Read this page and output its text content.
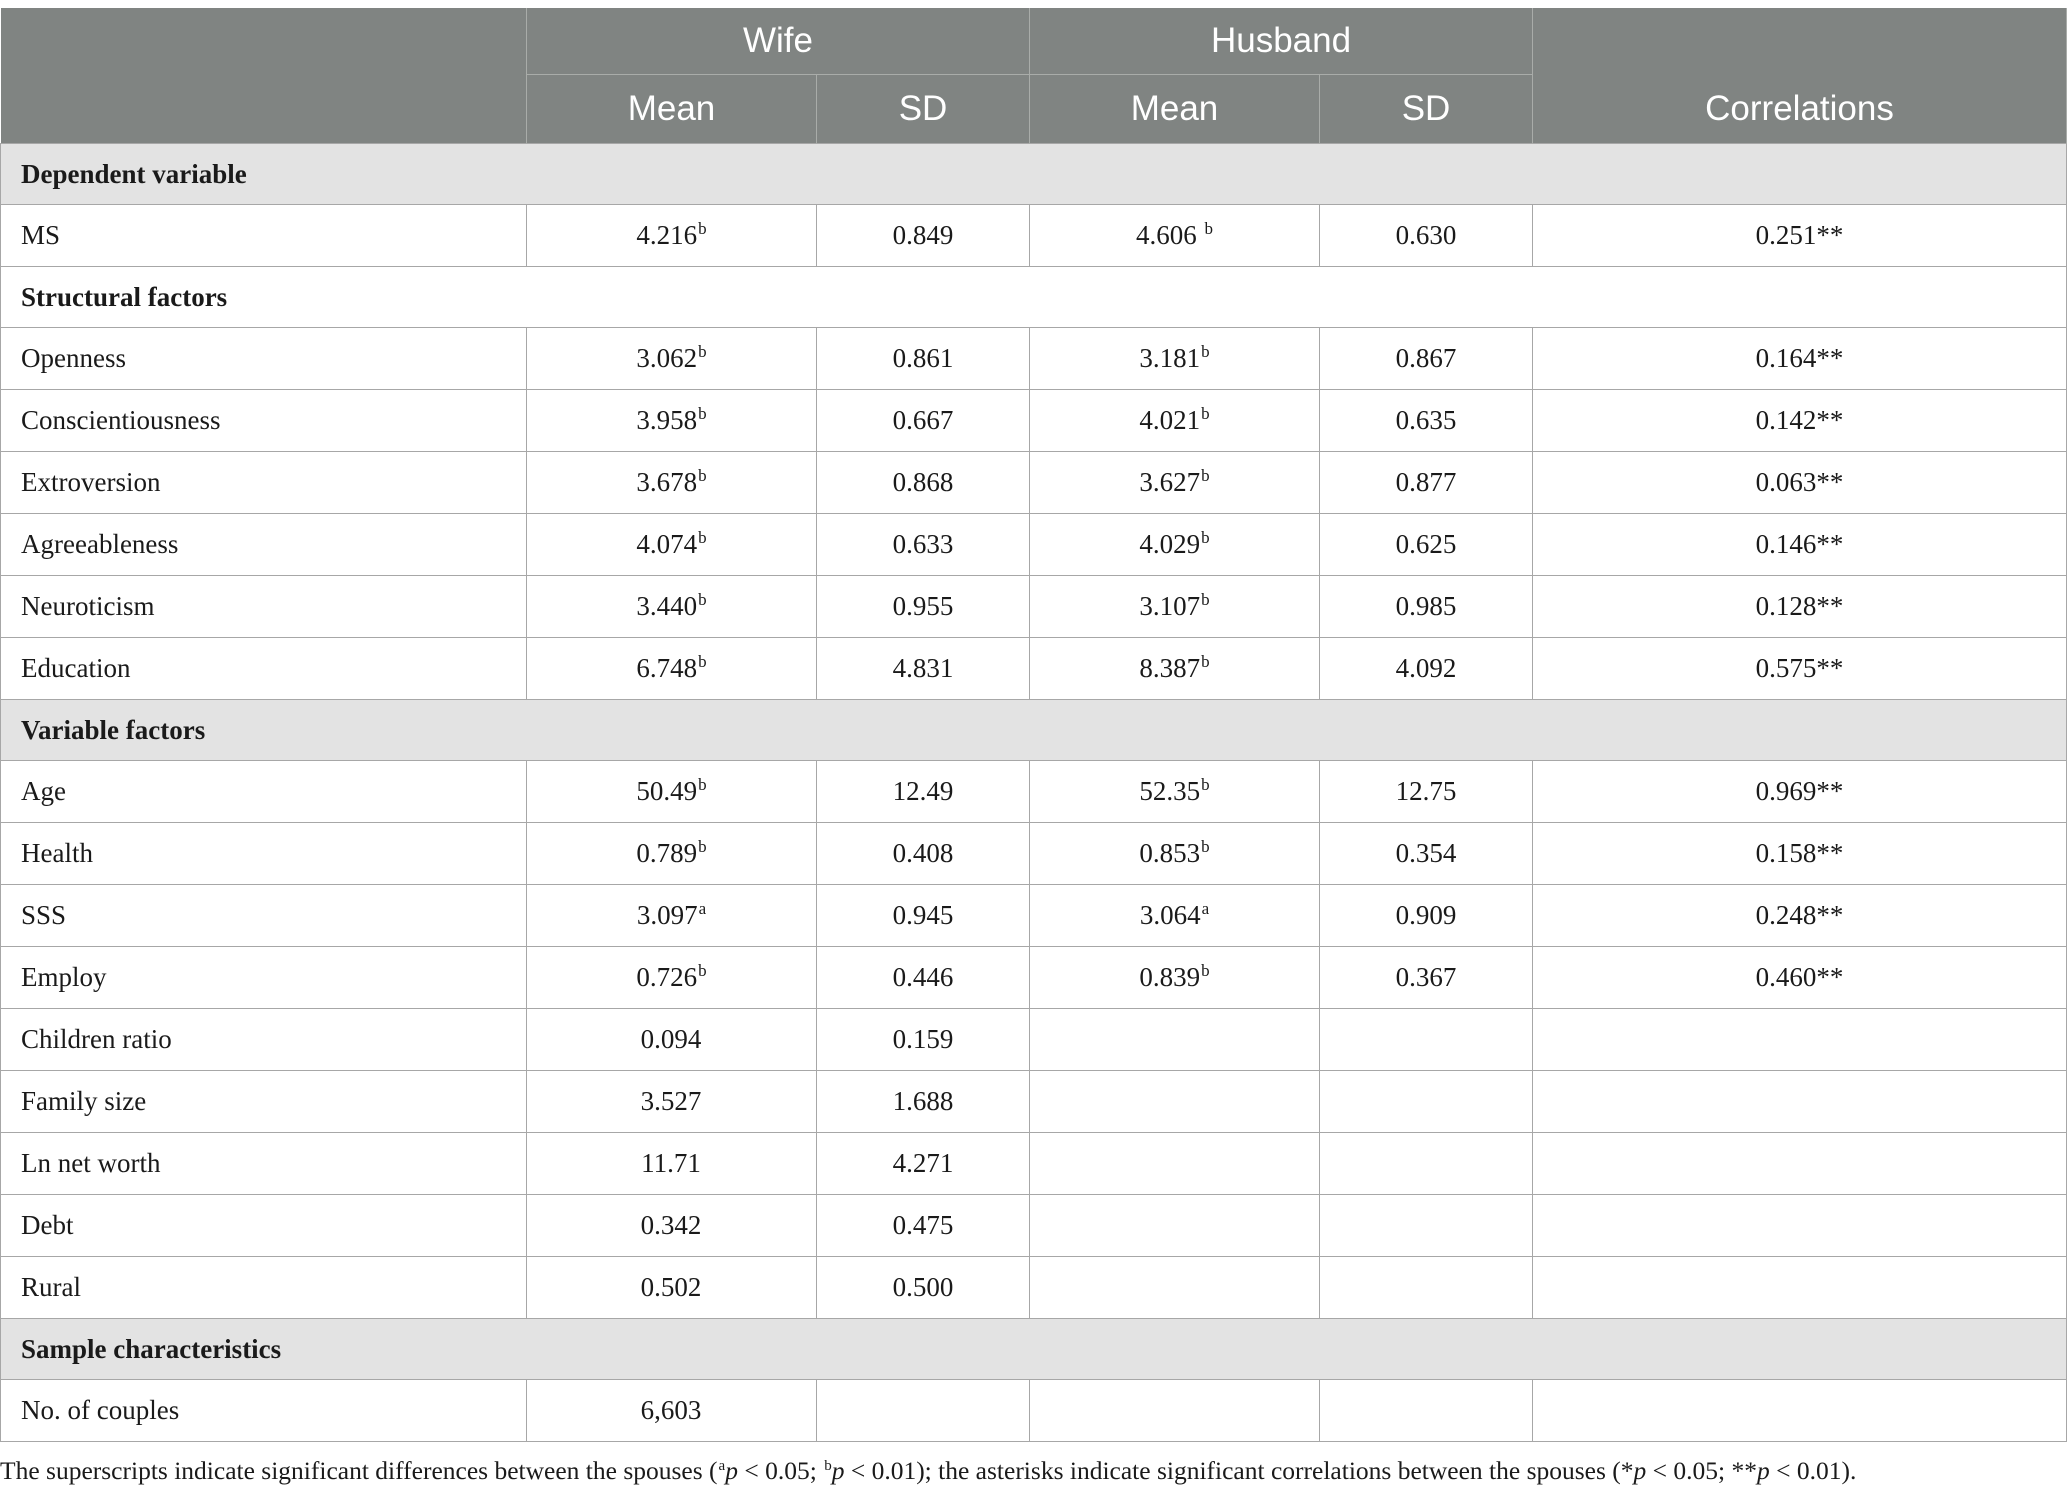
	Wife		Husband		Correlations
	Mean	SD	Mean	SD	
Dependent variable					
MS	4.216$^b$	0.849	4.606 $^b$	0.630	0.251**
Structural factors					
Openness	3.062$^b$	0.861	3.181$^b$	0.867	0.164**
Conscientiousness	3.958$^b$	0.667	4.021$^b$	0.635	0.142**
Extroversion	3.678$^b$	0.868	3.627$^b$	0.877	0.063**
Agreeableness	4.074$^b$	0.633	4.029$^b$	0.625	0.146**
Neuroticism	3.440$^b$	0.955	3.107$^b$	0.985	0.128**
Education	6.748$^b$	4.831	8.387$^b$	4.092	0.575**
Variable factors					
Age	50.49$^b$	12.49	52.35$^b$	12.75	0.969**
Health	0.789$^b$	0.408	0.853$^b$	0.354	0.158**
SSS	3.097$^a$	0.945	3.064$^a$	0.909	0.248**
Employ	0.726$^b$	0.446	0.839$^b$	0.367	0.460**
Children ratio	0.094	0.159			
Family size	3.527	1.688			
Ln net worth	11.71	4.271			
Debt	0.342	0.475			
Rural	0.502	0.500			
Sample characteristics					
No. of couples	6,603				
The superscripts indicate significant differences between the spouses ($^a$p < 0.05; $^b$p < 0.01); the asterisks indicate significant correlations between the spouses (*p < 0.05; **p < 0.01).
